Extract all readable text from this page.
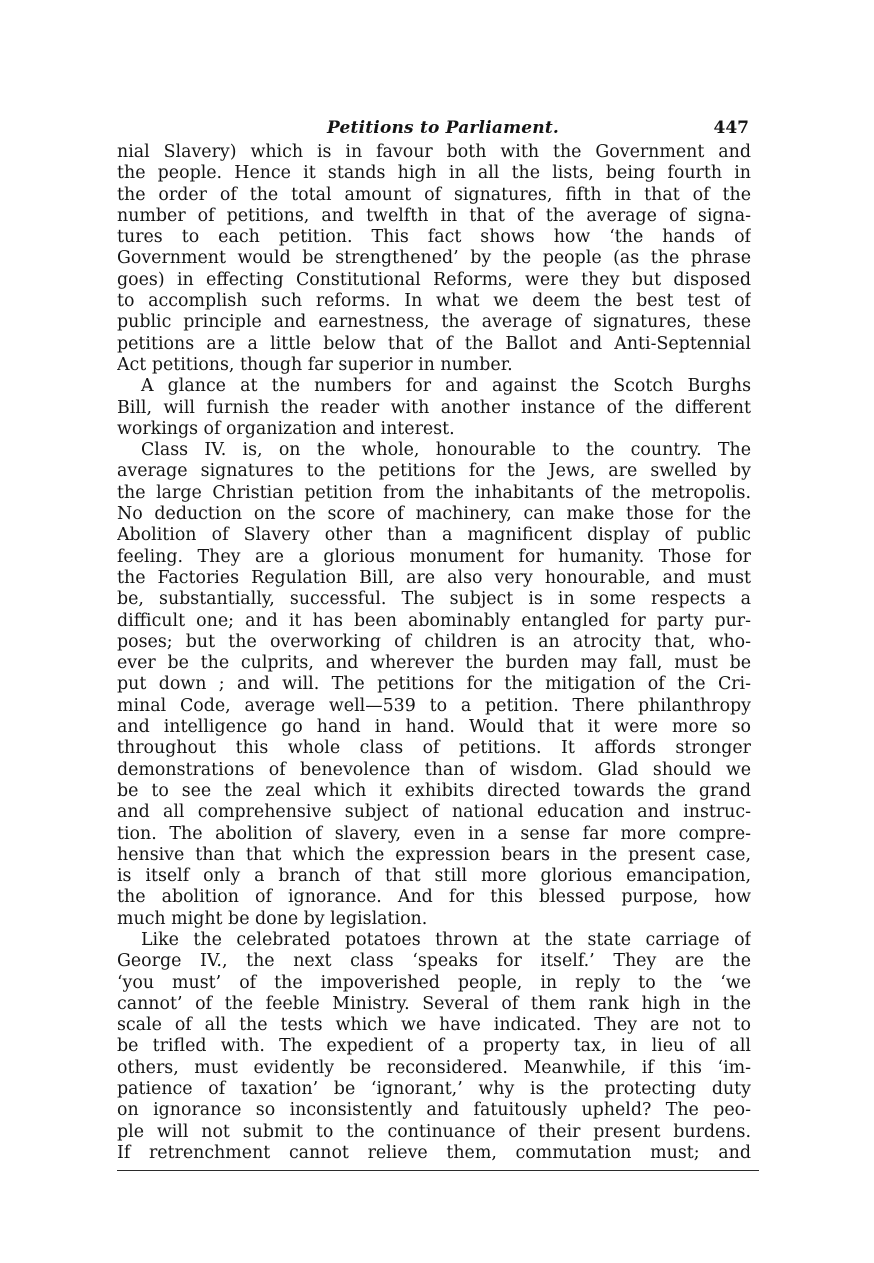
Petitions to Parliament.	447
nial Slavery) which is in favour both with the Government and
the people. Hence it stands high in all the lists, being fourth in
the order of the total amount of signatures, fifth in that of the
number of petitions, and twelfth in that of the average of signa-
tures to each petition. This fact shows how ‘the hands of
Government would be strengthened’ by the people (as the phrase
goes) in effecting Constitutional Reforms, were they but disposed
to accomplish such reforms. In what we deem the best test of
public principle and earnestness, the average of signatures, these
petitions are a little below that of the Ballot and Anti-Septennial
Act petitions, though far superior in number.
A glance at the numbers for and against the Scotch Burghs
Bill, will furnish the reader with another instance of the different
workings of organization and interest.
Class IV. is, on the whole, honourable to the country. The
average signatures to the petitions for the Jews, are swelled by
the large Christian petition from the inhabitants of the metropolis.
No deduction on the score of machinery, can make those for the
Abolition of Slavery other than a magnificent display of public
feeling. They are a glorious monument for humanity. Those for
the Factories Regulation Bill, are also very honourable, and must
be, substantially, successful. The subject is in some respects a
difficult one; and it has been abominably entangled for party pur-
poses; but the overworking of children is an atrocity that, who-
ever be the culprits, and wherever the burden may fall, must be
put down ; and will. The petitions for the mitigation of the Cri-
minal Code, average well—539 to a petition. There philanthropy
and intelligence go hand in hand. Would that it were more so
throughout this whole class of petitions. It affords stronger
demonstrations of benevolence than of wisdom. Glad should we
be to see the zeal which it exhibits directed towards the grand
and all comprehensive subject of national education and instruc-
tion. The abolition of slavery, even in a sense far more compre-
hensive than that which the expression bears in the present case,
is itself only a branch of that still more glorious emancipation,
the abolition of ignorance. And for this blessed purpose, how
much might be done by legislation.
Like the celebrated potatoes thrown at the state carriage of
George IV., the next class ‘speaks for itself.’ They are the
‘you must’ of the impoverished people, in reply to the ‘we
cannot’ of the feeble Ministry. Several of them rank high in the
scale of all the tests which we have indicated. They are not to
be trifled with. The expedient of a property tax, in lieu of all
others, must evidently be reconsidered. Meanwhile, if this ‘im-
patience of taxation’ be ‘ignorant,’ why is the protecting duty
on ignorance so inconsistently and fatuitously upheld? The peo-
ple will not submit to the continuance of their present burdens.
If retrenchment cannot relieve them, commutation must; and
